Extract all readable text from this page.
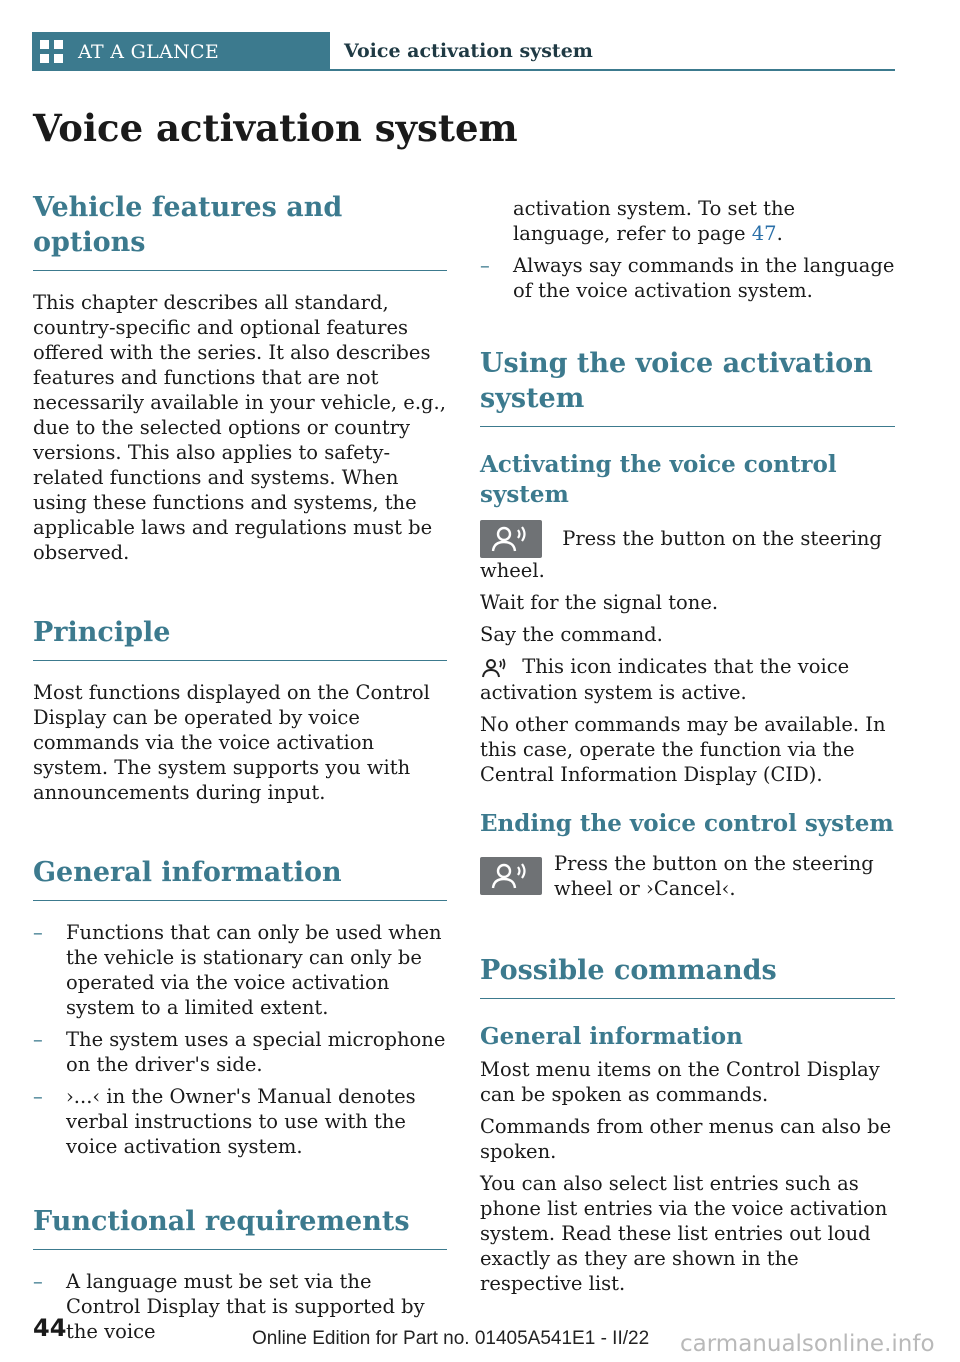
AT A GLANCE	Voice activation system
Voice activation system
Vehicle features and options

This chapter describes all standard, country-specific and optional features offered with the series. It also describes features and functions that are not necessarily available in your vehicle, e.g., due to the selected options or country versions. This also applies to safety-related functions and systems. When using these functions and systems, the applicable laws and regulations must be observed.

Principle

Most functions displayed on the Control Display can be operated by voice commands via the voice activation system. The system supports you with announcements during input.

General information
– Functions that can only be used when the vehicle is stationary can only be operated via the voice activation system to a limited extent.
– The system uses a special microphone on the driver's side.
– ›...‹ in the Owner's Manual denotes verbal instructions to use with the voice activation system.
Functional requirements
– A language must be set via the Control Display that is supported by the voice
activation system. To set the language, refer to page 47.
– Always say commands in the language of the voice activation system.
Using the voice activation system
Activating the voice control system

Press the button on the steering wheel.

Wait for the signal tone.

Say the command.

This icon indicates that the voice activation system is active.

No other commands may be available. In this case, operate the function via the Central Information Display (CID).

Ending the voice control system

Press the button on the steering wheel or ›Cancel‹.

Possible commands
General information

Most menu items on the Control Display can be spoken as commands.

Commands from other menus can also be spoken.

You can also select list entries such as phone list entries via the voice activation system. Read these list entries out loud exactly as they are shown in the respective list.

44	Online Edition for Part no. 01405A541E1 - II/22 carmanualsonline.info
